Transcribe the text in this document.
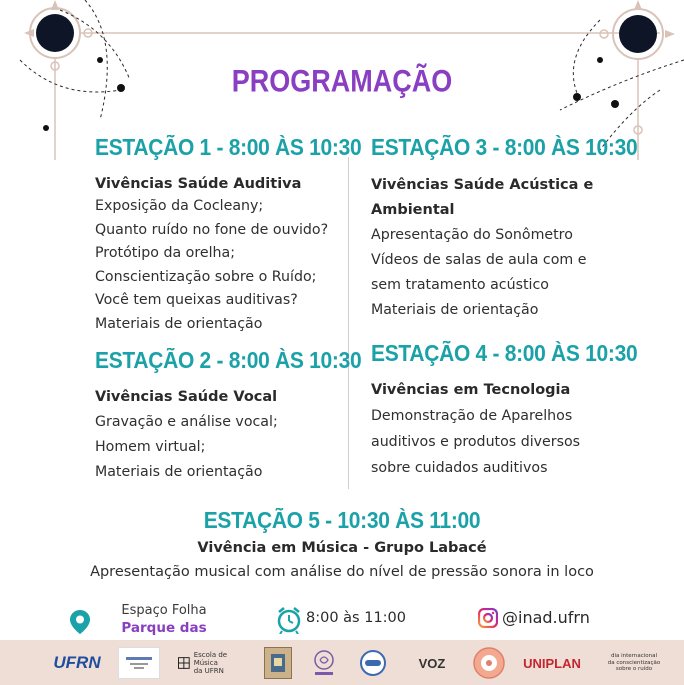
PROGRAMAÇÃO
ESTAÇÃO 1 - 8:00 ÀS 10:30
Vivências Saúde Auditiva
Exposição da Cocleany;
Quanto ruído no fone de ouvido?
Protótipo da orelha;
Conscientização sobre o Ruído;
Você tem queixas auditivas?
Materiais de orientação
ESTAÇÃO 2 - 8:00 ÀS 10:30
Vivências Saúde Vocal
Gravação e análise vocal;
Homem virtual;
Materiais de orientação
ESTAÇÃO 3 - 8:00 ÀS 10:30
Vivências Saúde Acústica e
Ambiental
Apresentação do Sonômetro
Vídeos de salas de aula com e
sem tratamento acústico
Materiais de orientação
ESTAÇÃO 4 - 8:00 ÀS 10:30
Vivências em Tecnologia
Demonstração de Aparelhos
auditivos e produtos diversos
sobre cuidados auditivos
ESTAÇÃO 5 - 10:30 ÀS 11:00
Vivência em Música - Grupo Labacé
Apresentação musical com análise do nível de pressão sonora in loco
Espaço Folha
Parque das
8:00 às 11:00	@inad.ufrn
UFRN	Escola de Música
da UFRN
VOZ	UNIPLAN	dia internacional
da conscientização
sobre o ruído
